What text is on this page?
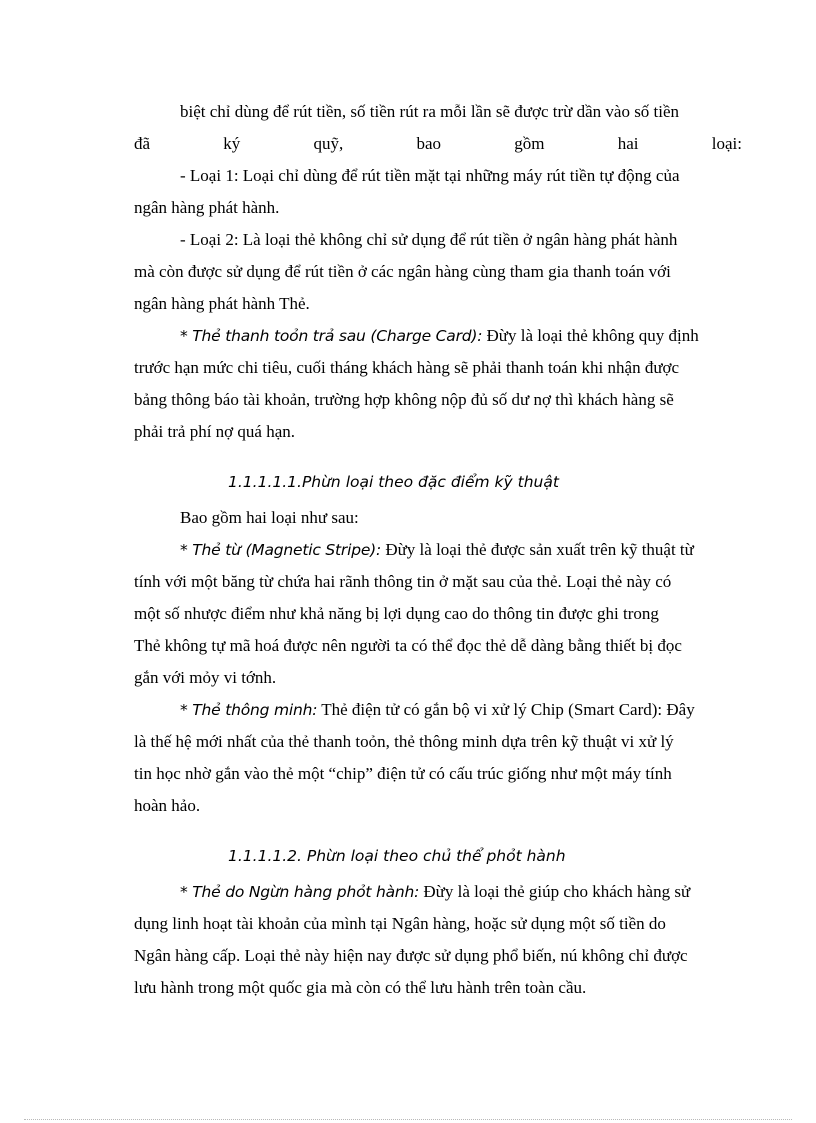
biệt chỉ dùng để rút tiền, số tiền rút ra mỗi lần sẽ được trừ dần vào số tiền
đã	ký	quỹ,	bao	gồm	hai	loại:
- Loại 1: Loại chỉ dùng để rút tiền mặt tại những máy rút tiền tự động của
ngân hàng phát hành.
- Loại 2: Là loại thẻ không chỉ sử dụng để rút tiền ở ngân hàng phát hành
mà còn được sử dụng để rút tiền ở các ngân hàng cùng tham gia thanh toán với
ngân hàng phát hành Thẻ.
* Thẻ thanh toỏn trả sau (Charge Card): Đừy là loại thẻ không quy định
trước hạn mức chi tiêu, cuối tháng khách hàng sẽ phải thanh toán khi nhận được
bảng thông báo tài khoản, trường hợp không nộp đủ số dư nợ thì khách hàng sẽ
phải trả phí nợ quá hạn.
1.1.1.1.1.Phừn loại theo đặc điểm kỹ thuật
Bao gồm hai loại như sau:
* Thẻ từ (Magnetic Stripe): Đừy là loại thẻ được sản xuất trên kỹ thuật từ
tính với một băng từ chứa hai rãnh thông tin ở mặt sau của thẻ. Loại thẻ này có
một số nhược điểm như khả năng bị lợi dụng cao do thông tin được ghi trong
Thẻ không tự mã hoá được nên người ta có thể đọc thẻ dễ dàng bằng thiết bị đọc
gắn với mỏy vi tớnh.
* Thẻ thông minh: Thẻ điện tử có gắn bộ vi xử lý Chip (Smart Card): Đây
là thế hệ mới nhất của thẻ thanh toỏn, thẻ thông minh dựa trên kỹ thuật vi xử lý
tin học nhờ gắn vào thẻ một “chip” điện tử có cấu trúc giống như một máy tính
hoàn hảo.
1.1.1.1.2. Phừn loại theo chủ thể phỏt hành
* Thẻ do Ngừn hàng phỏt hành: Đừy là loại thẻ giúp cho khách hàng sử
dụng linh hoạt tài khoản của mình tại Ngân hàng, hoặc sử dụng một số tiền do
Ngân hàng cấp. Loại thẻ này hiện nay được sử dụng phổ biến, nú không chỉ được
lưu hành trong một quốc gia mà còn có thể lưu hành trên toàn cầu.
